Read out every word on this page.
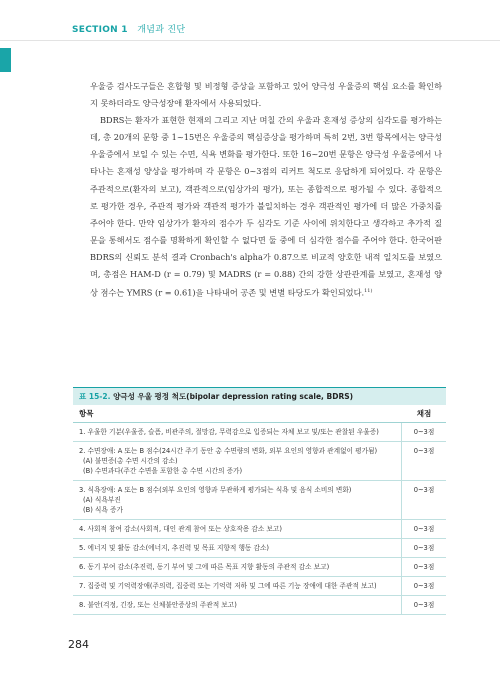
SECTION 1 개념과 진단

우울증 검사도구들은 혼합형 및 비정형 증상을 포함하고 있어 양극성 우울증의 핵심 요소를 확인하지 못하더라도 양극성장애 환자에서 사용되었다.

BDRS는 환자가 표현한 현재의 그리고 지난 며칠 간의 우울과 혼재성 증상의 심각도를 평가하는데, 총 20개의 문항 중 1~15번은 우울증의 핵심증상을 평가하며 특히 2번, 3번 항목에서는 양극성 우울증에서 보일 수 있는 수면, 식욕 변화를 평가한다. 또한 16~20번 문항은 양극성 우울증에서 나타나는 혼재성 양상을 평가하며 각 문항은 0~3점의 리커트 척도로 응답하게 되어있다. 각 문항은 주관적으로(환자의 보고), 객관적으로(임상가의 평가), 또는 종합적으로 평가될 수 있다. 종합적으로 평가한 경우, 주관적 평가와 객관적 평가가 불일치하는 경우 객관적인 평가에 더 많은 가중치를 주어야 한다. 만약 임상가가 환자의 점수가 두 심각도 기준 사이에 위치한다고 생각하고 추가적 질문을 통해서도 점수를 명확하게 확인할 수 없다면 둘 중에 더 심각한 점수를 주어야 한다. 한국어판 BDRS의 신뢰도 분석 결과 Cronbach's alpha가 0.87으로 비교적 양호한 내적 일치도를 보였으며, 총점은 HAM-D (r = 0.79) 및 MADRS (r = 0.88) 간의 강한 상관관계를 보였고, 혼재성 양상 점수는 YMRS (r = 0.61)을 나타내어 공존 및 변별 타당도가 확인되었다.$^{11)}$

표 15-2. 양극성 우울 평정 척도(bipolar depression rating scale, BDRS)
항목	채점
1. 우울한 기분(우울증, 슬픔, 비관주의, 절망감, 무력감으로 입증되는 자체 보고 및/또는 관찰된 우울증)	0~3점
2. 수면장애: A 또는 B 점수(24시간 주기 동안 총 수면량의 변화, 외부 요인의 영향과 관계없이 평가됨)
(A) 불면증(총 수면 시간의 감소)
(B) 수면과다(주간 수면을 포함한 총 수면 시간의 증가)
0~3점
3. 식욕장애: A 또는 B 점수(외부 요인의 영향과 무관하게 평가되는 식욕 및 음식 소비의 변화)
(A) 식욕부진
(B) 식욕 증가
0~3점
4. 사회적 참여 감소(사회적, 대인 관계 참여 또는 상호작용 감소 보고)	0~3점
5. 에너지 및 활동 감소(에너지, 추진력 및 목표 지향적 행동 감소)	0~3점
6. 동기 부여 감소(추진력, 동기 부여 및 그에 따른 목표 지향 활동의 주관적 감소 보고)	0~3점
7. 집중력 및 기억력장애(주의력, 집중력 또는 기억력 저하 및 그에 따른 기능 장애에 대한 주관적 보고)	0~3점
8. 불안(걱정, 긴장, 또는 신체불안증상의 주관적 보고)	0~3점
284
